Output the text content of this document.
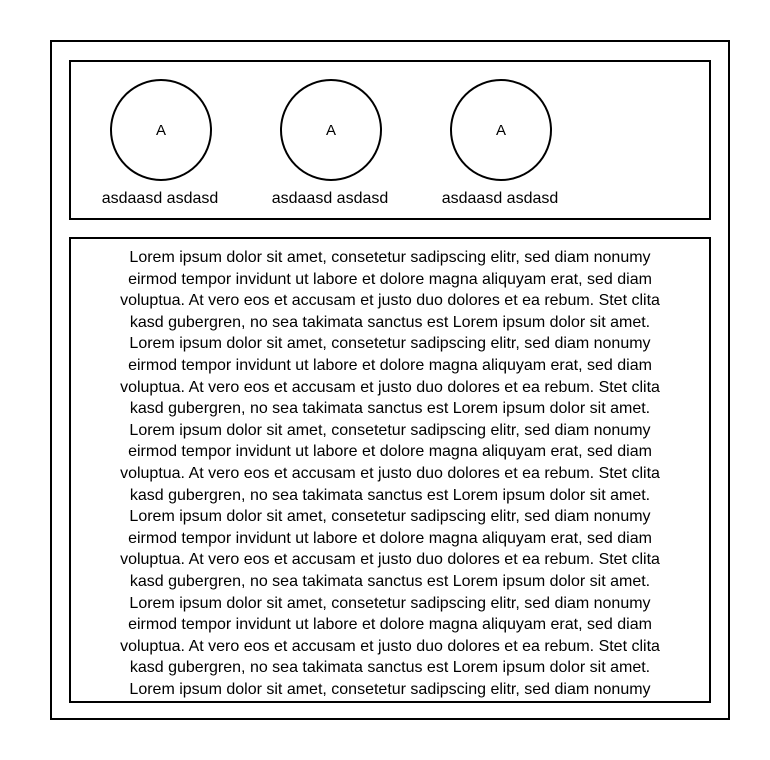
A
asdaasd asdasd
A
asdaasd asdasd
A
asdaasd asdasd
Lorem ipsum dolor sit amet, consetetur sadipscing elitr, sed diam nonumy
eirmod tempor invidunt ut labore et dolore magna aliquyam erat, sed diam
voluptua. At vero eos et accusam et justo duo dolores et ea rebum. Stet clita
kasd gubergren, no sea takimata sanctus est Lorem ipsum dolor sit amet.
Lorem ipsum dolor sit amet, consetetur sadipscing elitr, sed diam nonumy
eirmod tempor invidunt ut labore et dolore magna aliquyam erat, sed diam
voluptua. At vero eos et accusam et justo duo dolores et ea rebum. Stet clita
kasd gubergren, no sea takimata sanctus est Lorem ipsum dolor sit amet.
Lorem ipsum dolor sit amet, consetetur sadipscing elitr, sed diam nonumy
eirmod tempor invidunt ut labore et dolore magna aliquyam erat, sed diam
voluptua. At vero eos et accusam et justo duo dolores et ea rebum. Stet clita
kasd gubergren, no sea takimata sanctus est Lorem ipsum dolor sit amet.
Lorem ipsum dolor sit amet, consetetur sadipscing elitr, sed diam nonumy
eirmod tempor invidunt ut labore et dolore magna aliquyam erat, sed diam
voluptua. At vero eos et accusam et justo duo dolores et ea rebum. Stet clita
kasd gubergren, no sea takimata sanctus est Lorem ipsum dolor sit amet.
Lorem ipsum dolor sit amet, consetetur sadipscing elitr, sed diam nonumy
eirmod tempor invidunt ut labore et dolore magna aliquyam erat, sed diam
voluptua. At vero eos et accusam et justo duo dolores et ea rebum. Stet clita
kasd gubergren, no sea takimata sanctus est Lorem ipsum dolor sit amet.
Lorem ipsum dolor sit amet, consetetur sadipscing elitr, sed diam nonumy
